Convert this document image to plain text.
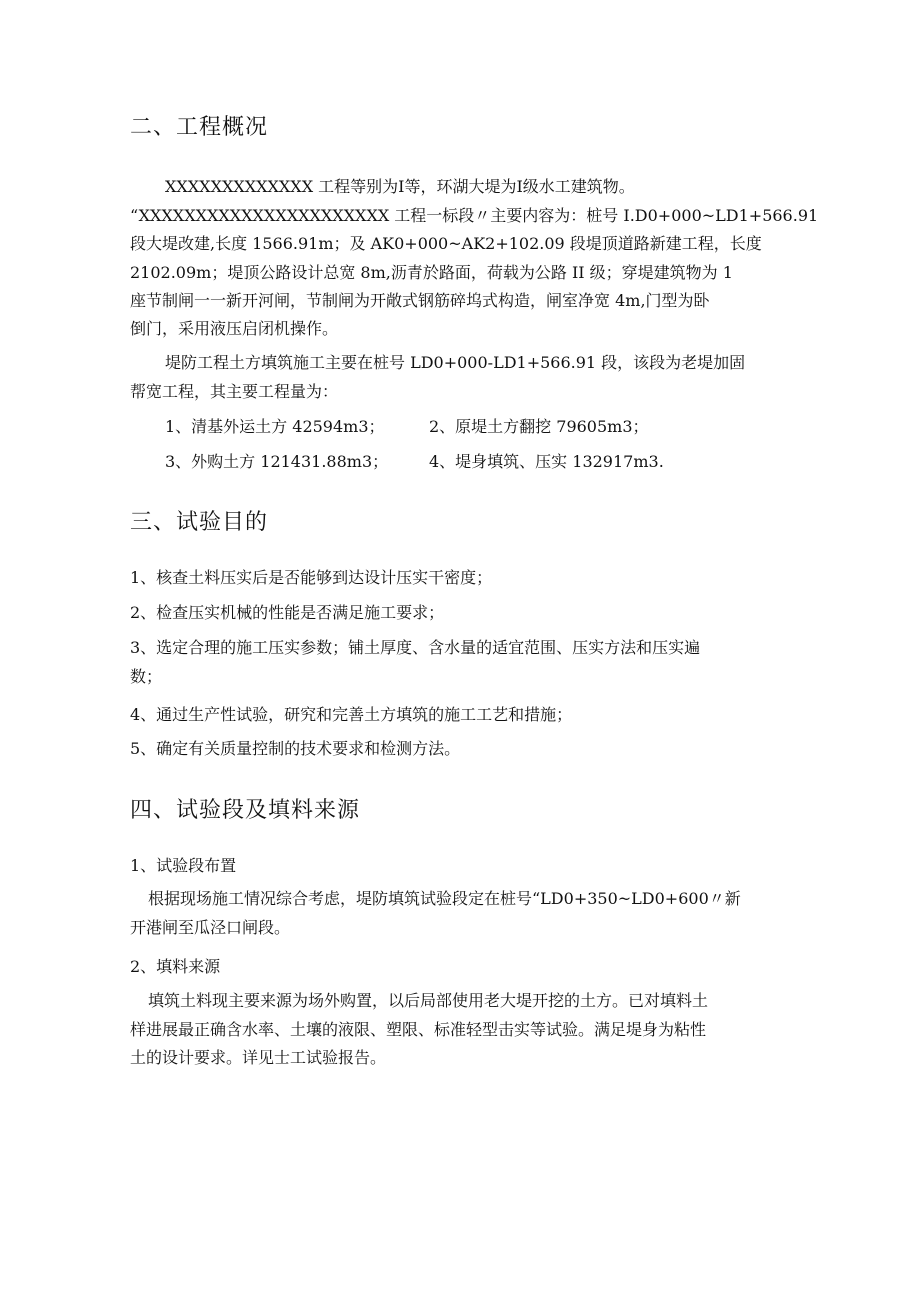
二、工程概况
XXXXXXXXXXXXX 工程等别为Ⅰ等，环湖大堤为Ⅰ级水工建筑物。
“XXXXXXXXXXXXXXXXXXXXXX 工程一标段〃主要内容为：桩号 I.D0+000~LD1+566.91
段大堤改建,长度 1566.91m；及 AK0+000~AK2+102.09 段堤顶道路新建工程，长度
2102.09m；堤顶公路设计总宽 8m,沥青於路面，荷载为公路 II 级；穿堤建筑物为 1
座节制闸一一新开河闸，节制闸为开敞式钢筋碎坞式构造，闸室净宽 4m,门型为卧
倒门，采用液压启闭机操作。
堤防工程土方填筑施工主要在桩号 LD0+000-LD1+566.91 段，该段为老堤加固
帮宽工程，其主要工程量为：
1、清基外运土方 42594m3；	2、原堤土方翻挖 79605m3；
3、外购土方 121431.88m3；	4、堤身填筑、压实 132917m3.
三、试验目的
1、核查土料压实后是否能够到达设计压实干密度；
2、检查压实机械的性能是否满足施工要求；
3、选定合理的施工压实参数；铺土厚度、含水量的适宜范围、压实方法和压实遍
数；
4、通过生产性试验，研究和完善土方填筑的施工工艺和措施；
5、确定有关质量控制的技术要求和检测方法。
四、试验段及填料来源
1、试验段布置
根据现场施工情况综合考虑，堤防填筑试验段定在桩号“LD0+350~LD0+600〃新
开港闸至瓜泾口闸段。
2、填料来源
填筑土料现主要来源为场外购置，以后局部使用老大堤开挖的土方。已对填料土
样进展最正确含水率、土壤的液限、塑限、标准轻型击实等试验。满足堤身为粘性
土的设计要求。详见士工试验报告。
